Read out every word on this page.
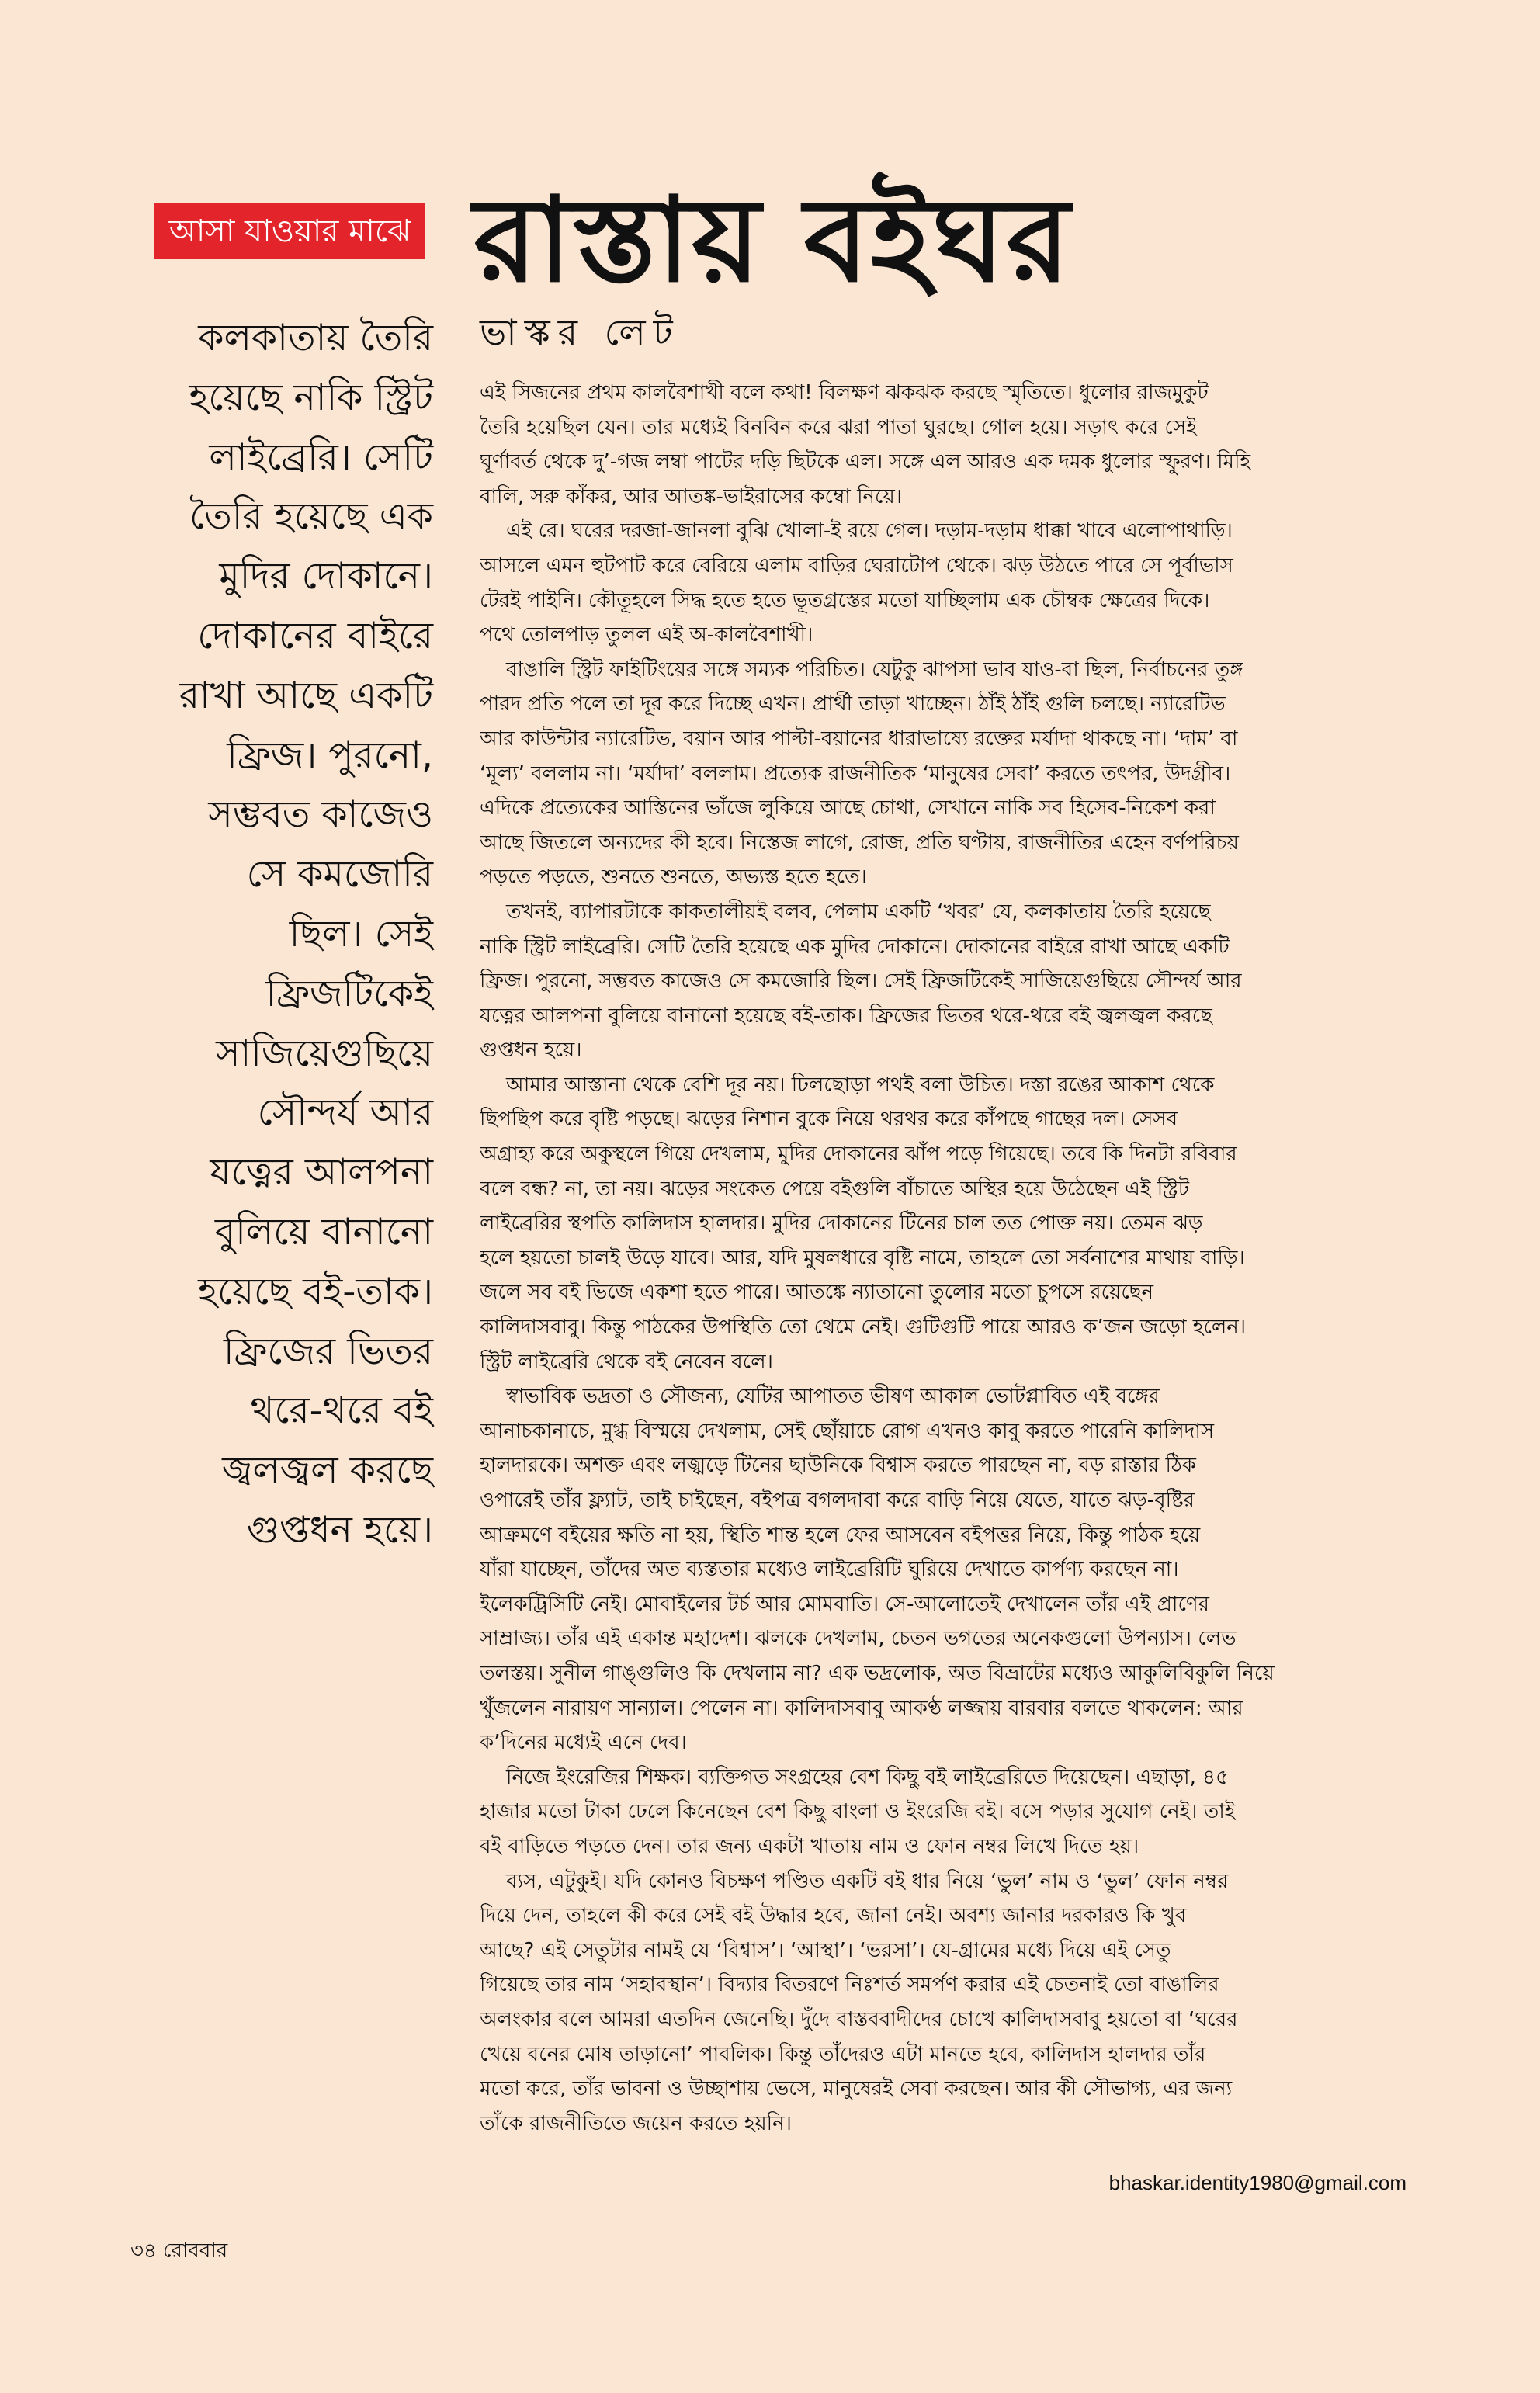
আসা যাওয়ার মাঝে রাস্তায় বইঘর
ভাস্কর লেট
কলকাতায় তৈরি
হয়েছে নাকি স্ট্রিট
লাইব্রেরি। সেটি
তৈরি হয়েছে এক
মুদির দোকানে।
দোকানের বাইরে
রাখা আছে একটি
ফ্রিজ। পুরনো,
সম্ভবত কাজেও
সে কমজোরি
ছিল। সেই
ফ্রিজটিকেই
সাজিয়েগুছিয়ে
সৌন্দর্য আর
যত্নের আলপনা
বুলিয়ে বানানো
হয়েছে বই-তাক।
ফ্রিজের ভিতর
থরে-থরে বই
জ্বলজ্বল করছে
গুপ্তধন হয়ে।
এই সিজনের প্রথম কালবৈশাখী বলে কথা! বিলক্ষণ ঝকঝক করছে স্মৃতিতে। ধুলোর রাজমুকুট
তৈরি হয়েছিল যেন। তার মধ্যেই বিনবিন করে ঝরা পাতা ঘুরছে। গোল হয়ে। সড়াৎ করে সেই
ঘূর্ণাবর্ত থেকে দু’-গজ লম্বা পাটের দড়ি ছিটকে এল। সঙ্গে এল আরও এক দমক ধুলোর স্ফুরণ। মিহি
বালি, সরু কাঁকর, আর আতঙ্ক-ভাইরাসের কম্বো নিয়ে।
এই রে। ঘরের দরজা-জানলা বুঝি খোলা-ই রয়ে গেল। দড়াম-দড়াম ধাক্কা খাবে এলোপাথাড়ি।
আসলে এমন হুটপাট করে বেরিয়ে এলাম বাড়ির ঘেরাটোপ থেকে। ঝড় উঠতে পারে সে পূর্বাভাস
টেরই পাইনি। কৌতূহলে সিদ্ধ হতে হতে ভূতগ্রস্তের মতো যাচ্ছিলাম এক চৌম্বক ক্ষেত্রের দিকে।
পথে তোলপাড় তুলল এই অ-কালবৈশাখী।
বাঙালি স্ট্রিট ফাইটিংয়ের সঙ্গে সম্যক পরিচিত। যেটুকু ঝাপসা ভাব যাও-বা ছিল, নির্বাচনের তুঙ্গ
পারদ প্রতি পলে তা দূর করে দিচ্ছে এখন। প্রার্থী তাড়া খাচ্ছেন। ঠাঁই ঠাঁই গুলি চলছে। ন্যারেটিভ
আর কাউন্টার ন্যারেটিভ, বয়ান আর পাল্টা-বয়ানের ধারাভাষ্যে রক্তের মর্যাদা থাকছে না। ‘দাম’ বা
‘মূল্য’ বললাম না। ‘মর্যাদা’ বললাম। প্রত্যেক রাজনীতিক ‘মানুষের সেবা’ করতে তৎপর, উদগ্রীব।
এদিকে প্রত্যেকের আস্তিনের ভাঁজে লুকিয়ে আছে চোথা, সেখানে নাকি সব হিসেব-নিকেশ করা
আছে জিতলে অন্যদের কী হবে। নিস্তেজ লাগে, রোজ, প্রতি ঘণ্টায়, রাজনীতির এহেন বর্ণপরিচয়
পড়তে পড়তে, শুনতে শুনতে, অভ্যস্ত হতে হতে।
তখনই, ব্যাপারটাকে কাকতালীয়ই বলব, পেলাম একটি ‘খবর’ যে, কলকাতায় তৈরি হয়েছে
নাকি স্ট্রিট লাইব্রেরি। সেটি তৈরি হয়েছে এক মুদির দোকানে। দোকানের বাইরে রাখা আছে একটি
ফ্রিজ। পুরনো, সম্ভবত কাজেও সে কমজোরি ছিল। সেই ফ্রিজটিকেই সাজিয়েগুছিয়ে সৌন্দর্য আর
যত্নের আলপনা বুলিয়ে বানানো হয়েছে বই-তাক। ফ্রিজের ভিতর থরে-থরে বই জ্বলজ্বল করছে
গুপ্তধন হয়ে।
আমার আস্তানা থেকে বেশি দূর নয়। ঢিলছোড়া পথই বলা উচিত। দস্তা রঙের আকাশ থেকে
ছিপছিপ করে বৃষ্টি পড়ছে। ঝড়ের নিশান বুকে নিয়ে থরথর করে কাঁপছে গাছের দল। সেসব
অগ্রাহ্য করে অকুস্থলে গিয়ে দেখলাম, মুদির দোকানের ঝাঁপ পড়ে গিয়েছে। তবে কি দিনটা রবিবার
বলে বন্ধ? না, তা নয়। ঝড়ের সংকেত পেয়ে বইগুলি বাঁচাতে অস্থির হয়ে উঠেছেন এই স্ট্রিট
লাইব্রেরির স্থপতি কালিদাস হালদার। মুদির দোকানের টিনের চাল তত পোক্ত নয়। তেমন ঝড়
হলে হয়তো চালই উড়ে যাবে। আর, যদি মুষলধারে বৃষ্টি নামে, তাহলে তো সর্বনাশের মাথায় বাড়ি।
জলে সব বই ভিজে একশা হতে পারে। আতঙ্কে ন্যাতানো তুলোর মতো চুপসে রয়েছেন
কালিদাসবাবু। কিন্তু পাঠকের উপস্থিতি তো থেমে নেই। গুটিগুটি পায়ে আরও ক’জন জড়ো হলেন।
স্ট্রিট লাইব্রেরি থেকে বই নেবেন বলে।
স্বাভাবিক ভদ্রতা ও সৌজন্য, যেটির আপাতত ভীষণ আকাল ভোটপ্লাবিত এই বঙ্গের
আনাচকানাচে, মুগ্ধ বিস্ময়ে দেখলাম, সেই ছোঁয়াচে রোগ এখনও কাবু করতে পারেনি কালিদাস
হালদারকে। অশক্ত এবং লজ্ঝড়ে টিনের ছাউনিকে বিশ্বাস করতে পারছেন না, বড় রাস্তার ঠিক
ওপারেই তাঁর ফ্ল্যাট, তাই চাইছেন, বইপত্র বগলদাবা করে বাড়ি নিয়ে যেতে, যাতে ঝড়-বৃষ্টির
আক্রমণে বইয়ের ক্ষতি না হয়, স্থিতি শান্ত হলে ফের আসবেন বইপত্তর নিয়ে, কিন্তু পাঠক হয়ে
যাঁরা যাচ্ছেন, তাঁদের অত ব্যস্ততার মধ্যেও লাইব্রেরিটি ঘুরিয়ে দেখাতে কার্পণ্য করছেন না।
ইলেকট্রিসিটি নেই। মোবাইলের টর্চ আর মোমবাতি। সে-আলোতেই দেখালেন তাঁর এই প্রাণের
সাম্রাজ্য। তাঁর এই একান্ত মহাদেশ। ঝলকে দেখলাম, চেতন ভগতের অনেকগুলো উপন্যাস। লেভ
তলস্তয়। সুনীল গাঙ্গুলিও কি দেখলাম না? এক ভদ্রলোক, অত বিভ্রাটের মধ্যেও আকুলিবিকুলি নিয়ে
খুঁজলেন নারায়ণ সান্যাল। পেলেন না। কালিদাসবাবু আকণ্ঠ লজ্জায় বারবার বলতে থাকলেন: আর
ক’দিনের মধ্যেই এনে দেব।
নিজে ইংরেজির শিক্ষক। ব্যক্তিগত সংগ্রহের বেশ কিছু বই লাইব্রেরিতে দিয়েছেন। এছাড়া, ৪৫
হাজার মতো টাকা ঢেলে কিনেছেন বেশ কিছু বাংলা ও ইংরেজি বই। বসে পড়ার সুযোগ নেই। তাই
বই বাড়িতে পড়তে দেন। তার জন্য একটা খাতায় নাম ও ফোন নম্বর লিখে দিতে হয়।
ব্যস, এটুকুই। যদি কোনও বিচক্ষণ পণ্ডিত একটি বই ধার নিয়ে ‘ভুল’ নাম ও ‘ভুল’ ফোন নম্বর
দিয়ে দেন, তাহলে কী করে সেই বই উদ্ধার হবে, জানা নেই। অবশ্য জানার দরকারও কি খুব
আছে? এই সেতুটার নামই যে ‘বিশ্বাস’। ‘আস্থা’। ‘ভরসা’। যে-গ্রামের মধ্যে দিয়ে এই সেতু
গিয়েছে তার নাম ‘সহাবস্থান’। বিদ্যার বিতরণে নিঃশর্ত সমর্পণ করার এই চেতনাই তো বাঙালির
অলংকার বলে আমরা এতদিন জেনেছি। দুঁদে বাস্তববাদীদের চোখে কালিদাসবাবু হয়তো বা ‘ঘরের
খেয়ে বনের মোষ তাড়ানো’ পাবলিক। কিন্তু তাঁদেরও এটা মানতে হবে, কালিদাস হালদার তাঁর
মতো করে, তাঁর ভাবনা ও উচ্ছাশায় ভেসে, মানুষেরই সেবা করছেন। আর কী সৌভাগ্য, এর জন্য
তাঁকে রাজনীতিতে জয়েন করতে হয়নি।
bhaskar.identity1980@gmail.com
৩৪ রোববার
